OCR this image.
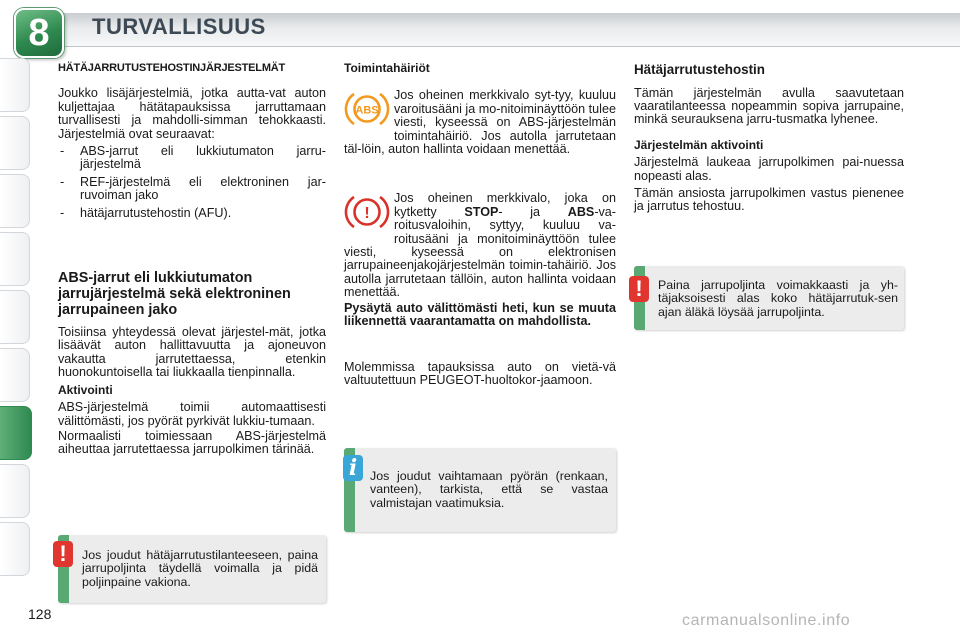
8	TURVALLISUUS
HÄTÄJARRUTUSTEHOSTINJÄRJESTELMÄT

Joukko lisäjärjestelmiä, jotka autta-vat auton kuljettajaa hätätapauksissa jarruttamaan turvallisesti ja mahdolli-simman tehokkaasti. Järjestelmiä ovat seuraavat:

- ABS-jarrut eli lukkiutumaton jarru-järjestelmä
- REF-järjestelmä eli elektroninen jar-ruvoiman jako
- hätäjarrutustehostin (AFU).
ABS-jarrut eli lukkiutumaton jarrujärjestelmä sekä elektroninen jarrupaineen jako

Toisiinsa yhteydessä olevat järjestel-mät, jotka lisäävät auton hallittavuutta ja ajoneuvon vakautta jarrutettaessa, etenkin huonokuntoisella tai liukkaalla tienpinnalla.

Aktivointi

ABS-järjestelmä toimii automaattisesti välittömästi, jos pyörät pyrkivät lukkiu-tumaan.

Normaalisti toimiessaan ABS-järjestelmä aiheuttaa jarrutettaessa jarrupolkimen tärinää.

Jos joudut hätäjarrutustilanteeseen, paina jarrupoljinta täydellä voimalla ja pidä poljinpaine vakiona.
!
Toimintahäiriöt
ABS

Jos oheinen merkkivalo syt-tyy, kuuluu varoitusääni ja mo-nitoiminäyttöön tulee viesti, kyseessä on ABS-järjestelmän toimintahäiriö. Jos autolla jarrutetaan täl-löin, auton hallinta voidaan menettää.

!

Jos oheinen merkkivalo, joka on kytketty STOP- ja ABS-va-roitusvaloihin, syttyy, kuuluu va-roitusääni ja monitoiminäyttöön tulee viesti, kyseessä on elektronisen jarrupaineenjakojärjestelmän toimin-tahäiriö. Jos autolla jarrutetaan tällöin, auton hallinta voidaan menettää.

Pysäytä auto välittömästi heti, kun se muuta liikennettä vaarantamatta on mahdollista.

Molemmissa tapauksissa auto on vietä-vä valtuutettuun PEUGEOT-huoltokor-jaamoon.

Jos joudut vaihtamaan pyörän (renkaan, vanteen), tarkista, että se vastaa valmistajan vaatimuksia.
i
Hätäjarrutustehostin

Tämän järjestelmän avulla saavutetaan vaaratilanteessa nopeammin sopiva jarrupaine, minkä seurauksena jarru-tusmatka lyhenee.

Järjestelmän aktivointi

Järjestelmä laukeaa jarrupolkimen pai-nuessa nopeasti alas.

Tämän ansiosta jarrupolkimen vastus pienenee ja jarrutus tehostuu.

Paina jarrupoljinta voimakkaasti ja yh-täjaksoisesti alas koko hätäjarrutuk-sen ajan äläkä löysää jarrupoljinta.
!
128	carmanualsonline.info
